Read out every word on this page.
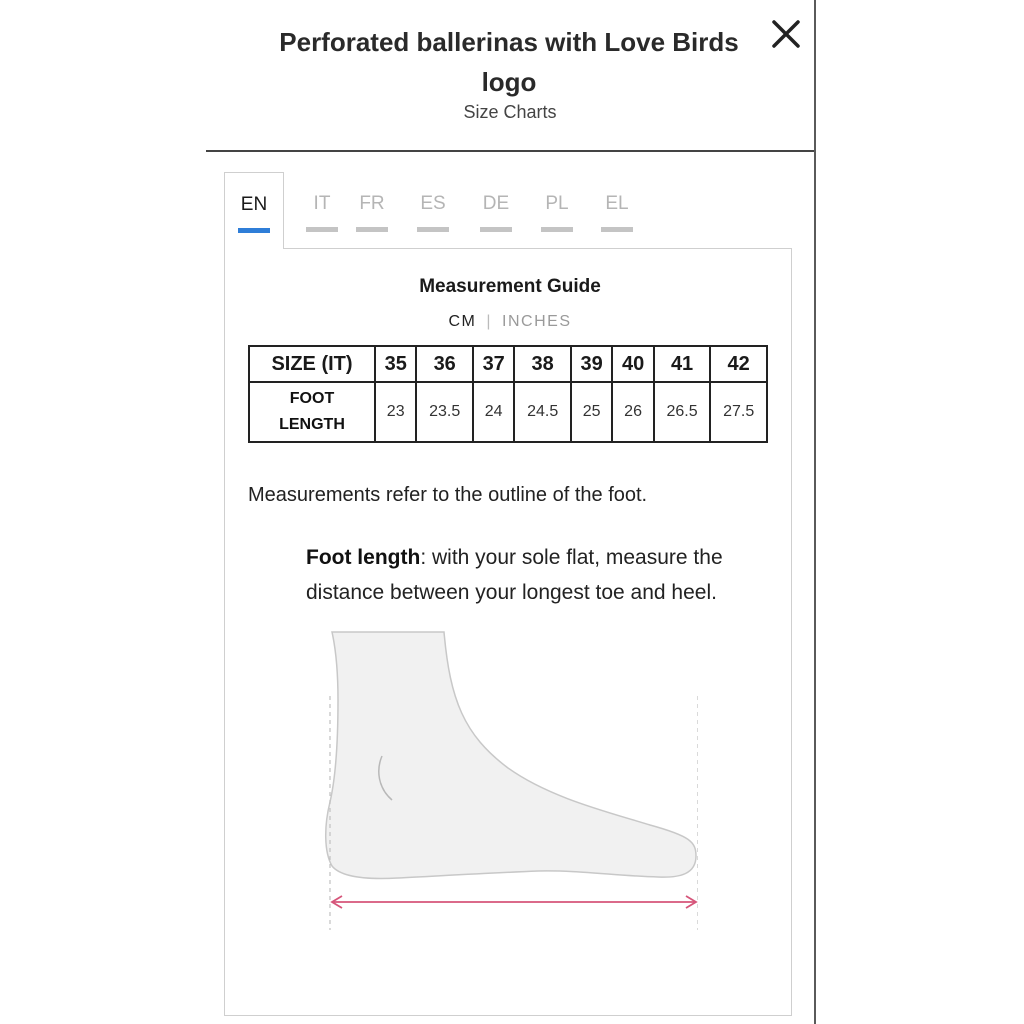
Perforated ballerinas with Love Birds logo
Size Charts
EN	IT	FR	ES	DE	PL	EL
Measurement Guide
CM | INCHES
SIZE (IT)	35	36	37	38	39	40	41	42
FOOT
LENGTH	23	23.5	24	24.5	25	26	26.5	27.5
Measurements refer to the outline of the foot.
Foot length: with your sole flat, measure the distance between your longest toe and heel.
